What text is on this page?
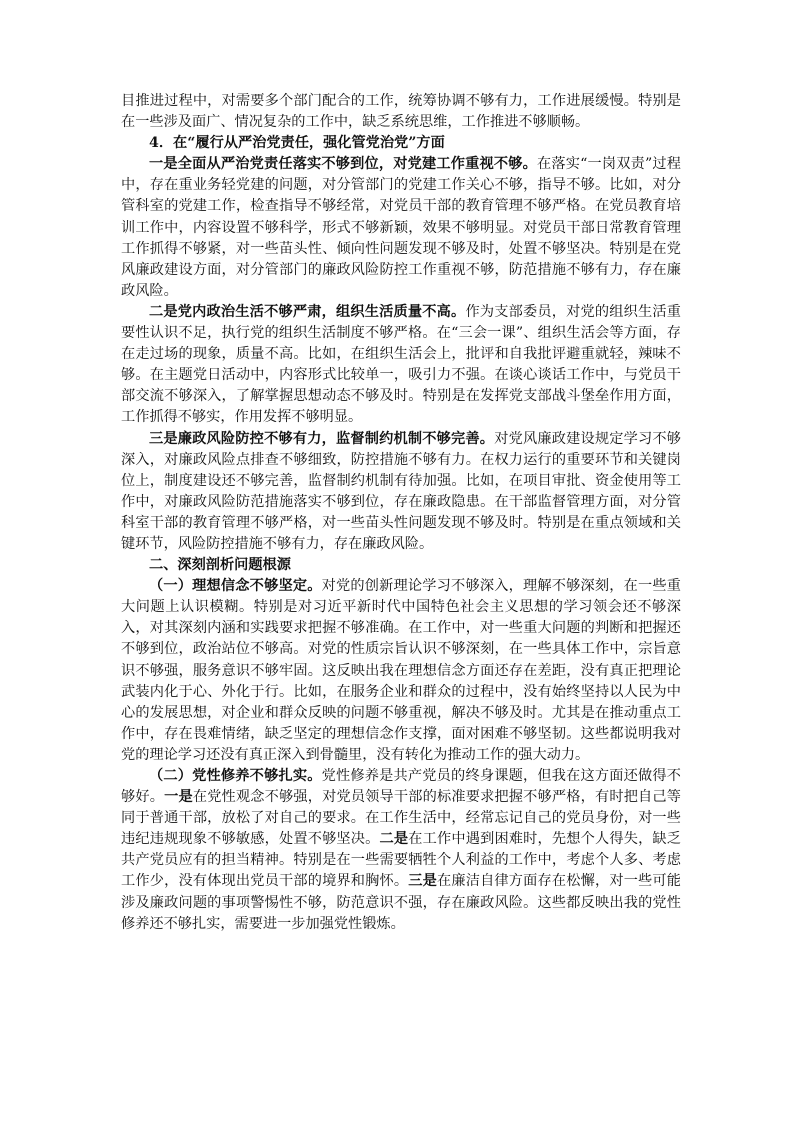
目推进过程中，对需要多个部门配合的工作，统筹协调不够有力，工作进展缓慢。特别是在一些涉及面广、情况复杂的工作中，缺乏系统思维，工作推进不够顺畅。

4．在“履行从严治党责任，强化管党治党”方面

一是全面从严治党责任落实不够到位，对党建工作重视不够。在落实“一岗双责”过程中，存在重业务轻党建的问题，对分管部门的党建工作关心不够，指导不够。比如，对分管科室的党建工作，检查指导不够经常，对党员干部的教育管理不够严格。在党员教育培训工作中，内容设置不够科学，形式不够新颖，效果不够明显。对党员干部日常教育管理工作抓得不够紧，对一些苗头性、倾向性问题发现不够及时，处置不够坚决。特别是在党风廉政建设方面，对分管部门的廉政风险防控工作重视不够，防范措施不够有力，存在廉政风险。

二是党内政治生活不够严肃，组织生活质量不高。作为支部委员，对党的组织生活重要性认识不足，执行党的组织生活制度不够严格。在“三会一课”、组织生活会等方面，存在走过场的现象，质量不高。比如，在组织生活会上，批评和自我批评避重就轻，辣味不够。在主题党日活动中，内容形式比较单一，吸引力不强。在谈心谈话工作中，与党员干部交流不够深入，了解掌握思想动态不够及时。特别是在发挥党支部战斗堡垒作用方面，工作抓得不够实，作用发挥不够明显。

三是廉政风险防控不够有力，监督制约机制不够完善。对党风廉政建设规定学习不够深入，对廉政风险点排查不够细致，防控措施不够有力。在权力运行的重要环节和关键岗位上，制度建设还不够完善，监督制约机制有待加强。比如，在项目审批、资金使用等工作中，对廉政风险防范措施落实不够到位，存在廉政隐患。在干部监督管理方面，对分管科室干部的教育管理不够严格，对一些苗头性问题发现不够及时。特别是在重点领域和关键环节，风险防控措施不够有力，存在廉政风险。

二、深刻剖析问题根源

（一）理想信念不够坚定。对党的创新理论学习不够深入，理解不够深刻，在一些重大问题上认识模糊。特别是对习近平新时代中国特色社会主义思想的学习领会还不够深入，对其深刻内涵和实践要求把握不够准确。在工作中，对一些重大问题的判断和把握还不够到位，政治站位不够高。对党的性质宗旨认识不够深刻，在一些具体工作中，宗旨意识不够强，服务意识不够牢固。这反映出我在理想信念方面还存在差距，没有真正把理论武装内化于心、外化于行。比如，在服务企业和群众的过程中，没有始终坚持以人民为中心的发展思想，对企业和群众反映的问题不够重视，解决不够及时。尤其是在推动重点工作中，存在畏难情绪，缺乏坚定的理想信念作支撑，面对困难不够坚韧。这些都说明我对党的理论学习还没有真正深入到骨髓里，没有转化为推动工作的强大动力。

（二）党性修养不够扎实。党性修养是共产党员的终身课题，但我在这方面还做得不够好。一是在党性观念不够强，对党员领导干部的标准要求把握不够严格，有时把自己等同于普通干部，放松了对自己的要求。在工作生活中，经常忘记自己的党员身份，对一些违纪违规现象不够敏感，处置不够坚决。二是在工作中遇到困难时，先想个人得失，缺乏共产党员应有的担当精神。特别是在一些需要牺牲个人利益的工作中，考虑个人多、考虑工作少，没有体现出党员干部的境界和胸怀。三是在廉洁自律方面存在松懈，对一些可能涉及廉政问题的事项警惕性不够，防范意识不强，存在廉政风险。这些都反映出我的党性修养还不够扎实，需要进一步加强党性锻炼。
